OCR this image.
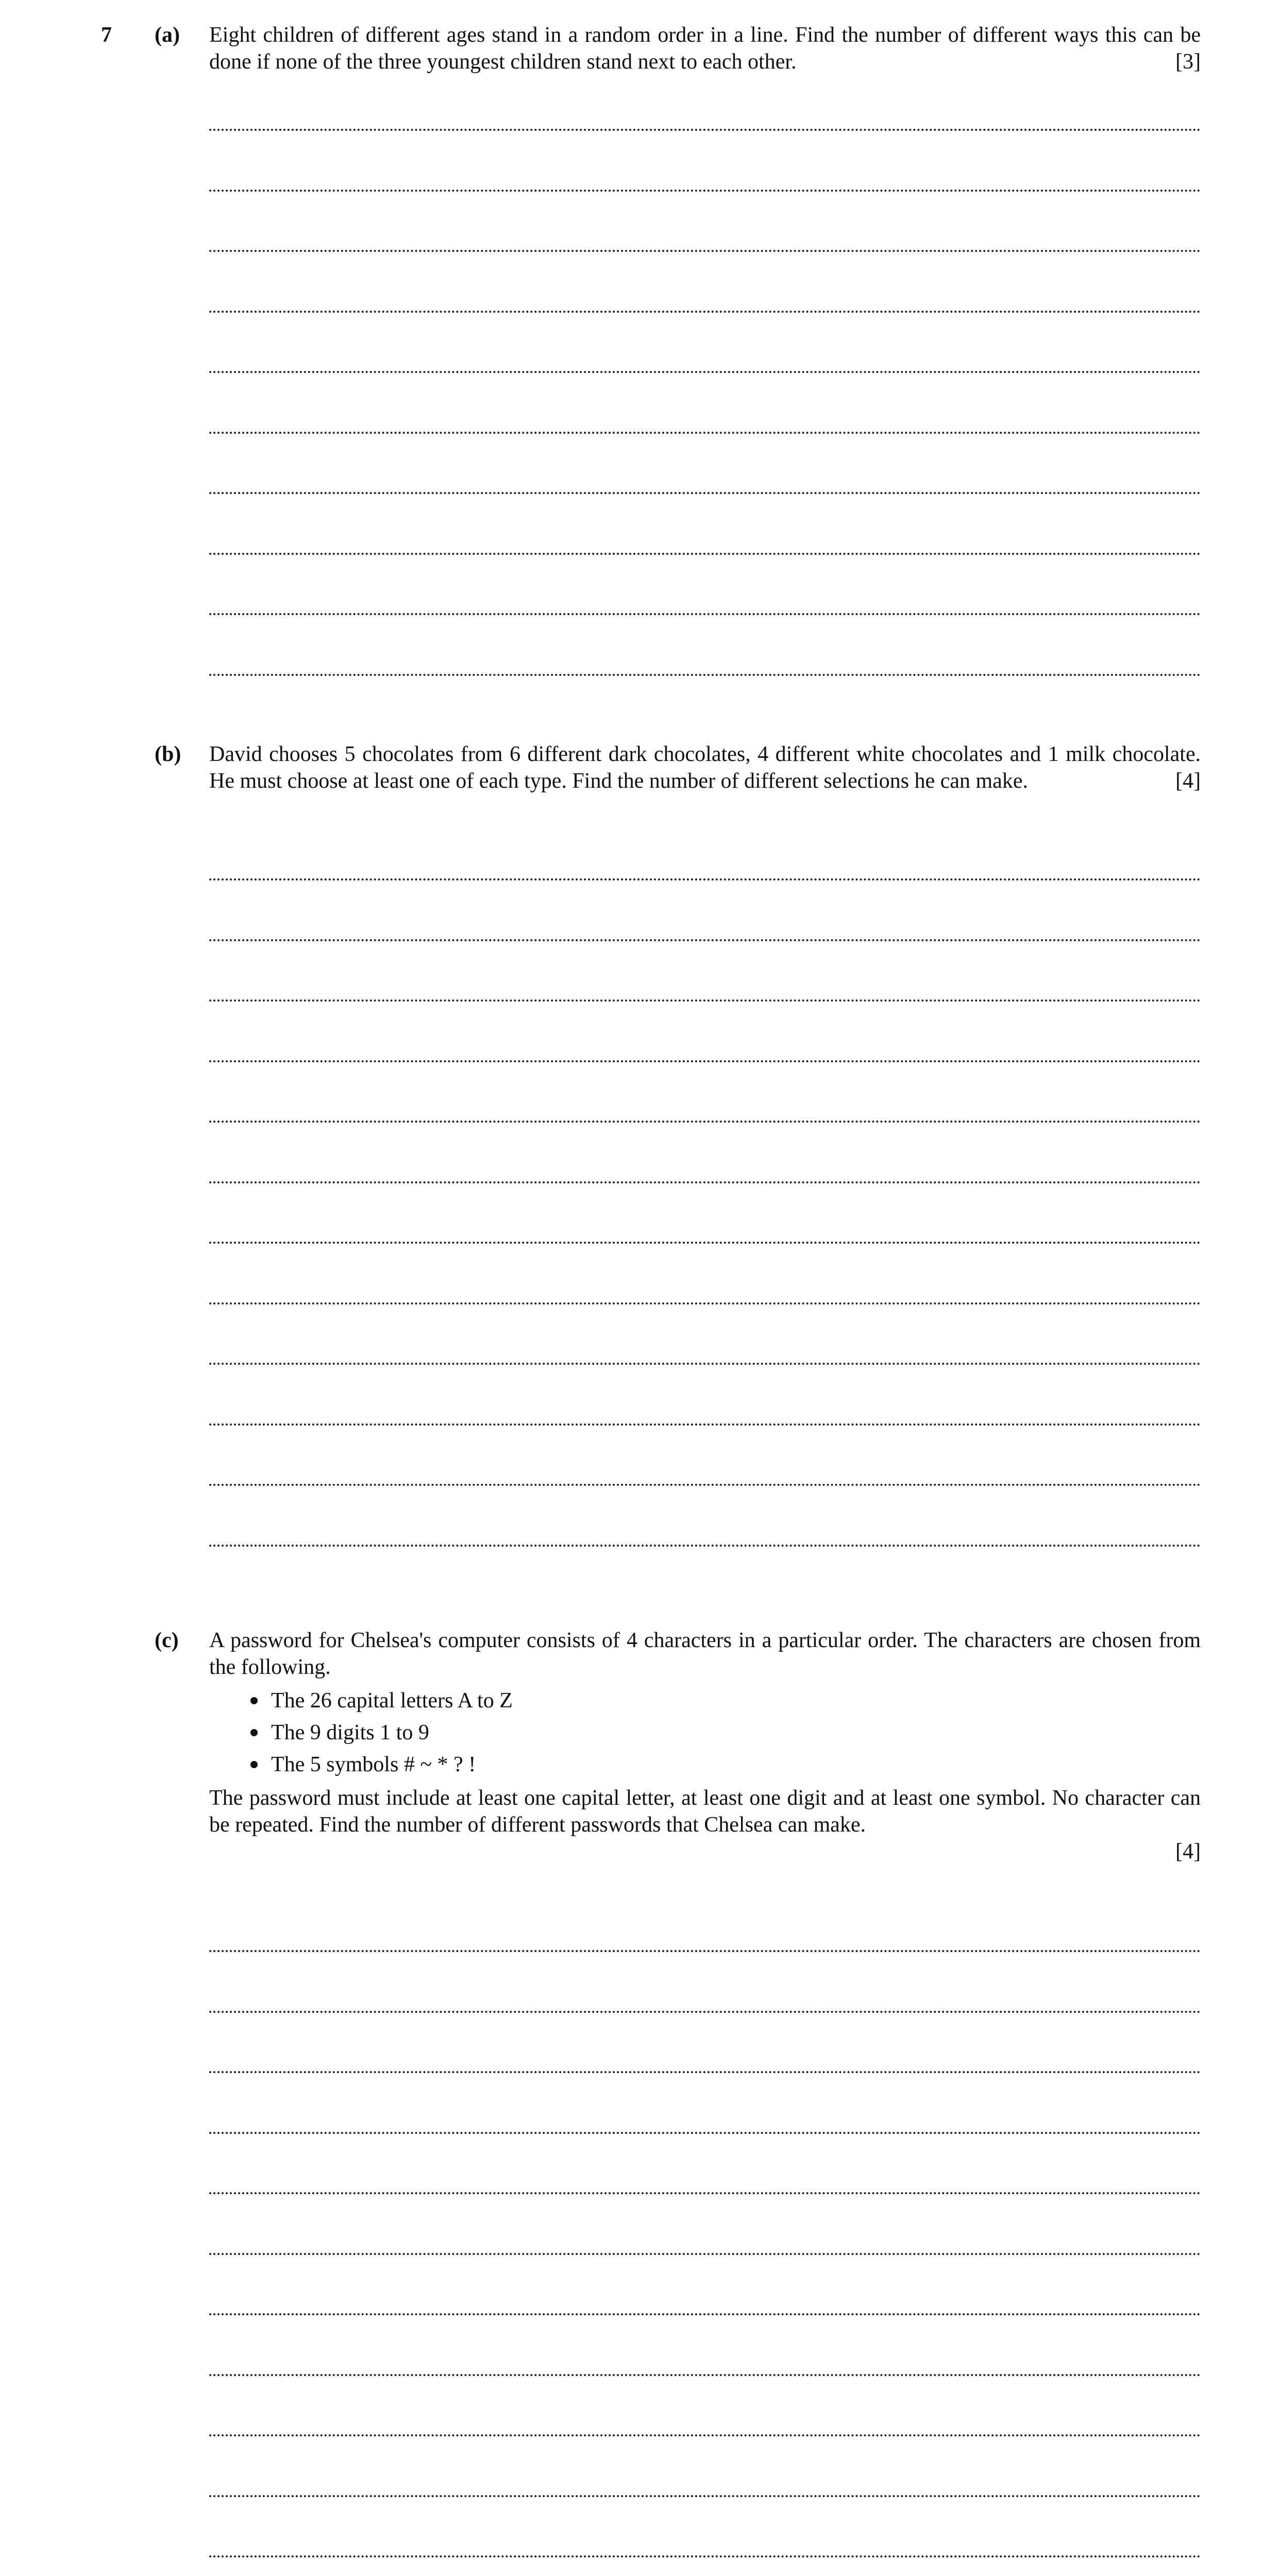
7 (a) Eight children of different ages stand in a random order in a line. Find the number of different ways this can be done if none of the three youngest children stand next to each other.	[3]

(b) David chooses 5 chocolates from 6 different dark chocolates, 4 different white chocolates and 1 milk chocolate. He must choose at least one of each type. Find the number of different selections he can make.	[4]

(c) A password for Chelsea's computer consists of 4 characters in a particular order. The characters are chosen from the following.

The 26 capital letters A to Z
The 9 digits 1 to 9
The 5 symbols # ~ * ? !

The password must include at least one capital letter, at least one digit and at least one symbol. No character can be repeated. Find the number of different passwords that Chelsea can make.

[4]
